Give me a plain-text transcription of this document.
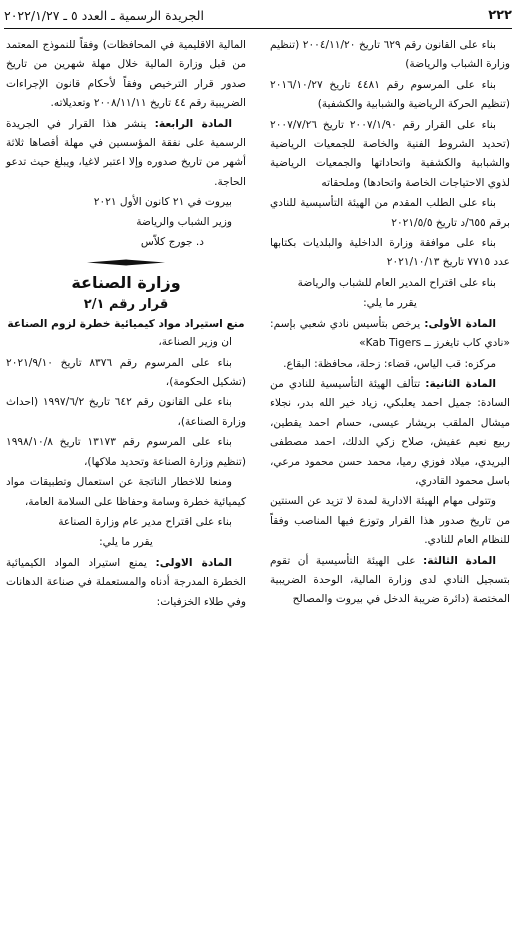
٢٢٢
الجريدة الرسمية ـ العدد ٥ ـ ٢٠٢٢/١/٢٧

بناء على القانون رقم ٦٢٩ تاريخ ٢٠٠٤/١١/٢٠ (تنظيم وزارة الشباب والرياضة)

بناء على المرسوم رقم ٤٤٨١ تاريخ ٢٠١٦/١٠/٢٧ (تنظيم الحركة الرياضية والشبابية والكشفية)

بناء على القرار رقم ٢٠٠٧/١/٩٠ تاريخ ٢٠٠٧/٧/٢٦ (تحديد الشروط الفنية والخاصة للجمعيات الرياضية والشبابية والكشفية واتحاداتها والجمعيات الرياضية لذوي الاحتياجات الخاصة واتحادها) وملحقاته

بناء على الطلب المقدم من الهيئة التأسيسية للنادي برقم ٦٥٥/د تاريخ ٢٠٢١/٥/٥

بناء على موافقة وزارة الداخلية والبلديات بكتابها عدد ٧٧١٥ تاريخ ٢٠٢١/١٠/١٣

بناء على اقتراح المدير العام للشباب والرياضة

يقرر ما يلي:

المادة الأولى: يرخص بتأسيس نادي شعبي بإسم: «نادي كاب تايغرز ــ Kab Tigers»

مركزه: قب الياس، قضاء: زحلة، محافظة: البقاع.

المادة الثانية: تتألف الهيئة التأسيسية للنادي من السادة: جميل احمد يعلبكي، زياد خير الله بدر، نجلاء ميشال الملقب بريشار عيسى، حسام احمد يقطين، ربيع نعيم عفيش، صلاح زكي الدلك، احمد مصطفى البريدي، ميلاد فوزي رميا، محمد حسن محمود مرعي، باسل محمود القادري،

وتتولى مهام الهيئة الادارية لمدة لا تزيد عن السنتين من تاريخ صدور هذا القرار وتوزع فيها المناصب وفقاً للنظام العام للنادي.

المادة الثالثة: على الهيئة التأسيسية أن تقوم بتسجيل النادي لدى وزارة المالية، الوحدة الضريبية المختصة (دائرة ضريبة الدخل في بيروت والمصالح

المالية الاقليمية في المحافظات) وفقاً للنموذج المعتمد من قبل وزارة المالية خلال مهلة شهرين من تاريخ صدور قرار الترخيص وفقاً لأحكام قانون الإجراءات الضريبية رقم ٤٤ تاريخ ٢٠٠٨/١١/١١ وتعديلاته.

المادة الرابعة: ينشر هذا القرار في الجريدة الرسمية على نفقة المؤسسين في مهلة أقصاها ثلاثة أشهر من تاريخ صدوره وإلا اعتبر لاغيا، ويبلغ حيث تدعو الحاجة.

بيروت في ٢١ كانون الأول ٢٠٢١

وزير الشباب والرياضة

د. جورج كلاّس

وزارة الصناعة
قرار رقم ٢/١
منع استيراد مواد كيميائية خطرة لزوم الصناعة

ان وزير الصناعة،

بناء على المرسوم رقم ٨٣٧٦ تاريخ ٢٠٢١/٩/١٠ (تشكيل الحكومة)،

بناء على القانون رقم ٦٤٢ تاريخ ١٩٩٧/٦/٢ (احداث وزارة الصناعة)،

بناء على المرسوم رقم ١٣١٧٣ تاريخ ١٩٩٨/١٠/٨ (تنظيم وزارة الصناعة وتحديد ملاكها)،

ومنعا للاخطار الناتجة عن استعمال وتطبيقات مواد كيميائية خطرة وسامة وحفاظا على السلامة العامة،

بناء على اقتراح مدير عام وزارة الصناعة

يقرر ما يلي:

المادة الاولى: يمنع استيراد المواد الكيميائية الخطرة المدرجة أدناه والمستعملة في صناعة الدهانات وفي طلاء الخزفيات:
